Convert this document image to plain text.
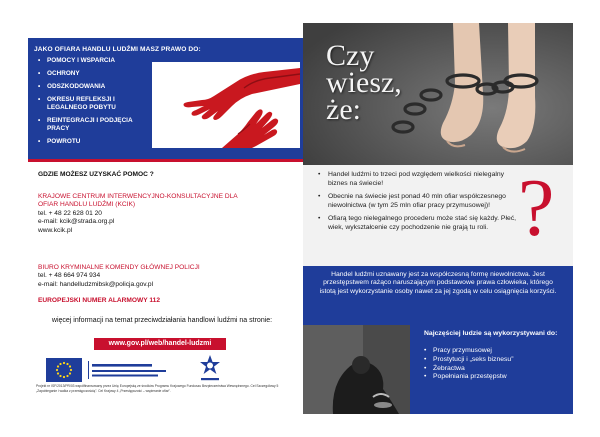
JAKO OFIARA HANDLU LUDŹMI MASZ PRAWO DO:
• POMOCY I WSPARCIA
• OCHRONY
• ODSZKODOWANIA
• OKRESU REFLEKSJI I LEGALNEGO POBYTU
• REINTEGRACJI I PODJĘCIA PRACY
• POWROTU
GDZIE MOŻESZ UZYSKAĆ POMOC ?
KRAJOWE CENTRUM INTERWENCYJNO-KONSULTACYJNE DLA OFIAR HANDLU LUDŹMI (KCIK)
tel. + 48 22 628 01 20
e-mail: kcik@strada.org.pl
www.kcik.pl
BIURO KRYMINALNE KOMENDY GŁÓWNEJ POLICJI
tel. + 48 664 974 934
e-mail: handelludzmibsk@policja.gov.pl
EUROPEJSKI NUMER ALARMOWY 112
więcej informacji na temat przeciwdziałania handlowi ludźmi na stronie:
www.gov.pl/web/handel-ludzmi
Projekt nr ISF/2013/PR/03 współfinansowany przez Unię Europejską ze środków Programu Krajowego Funduszu Bezpieczeństwa Wewnętrznego. Cel Szczegółowy 5 „Zapobieganie i walka z przestępczością”. Cel Krajowy 4 „Przestępczość – wspieranie ofiar”.
Czy
wiesz,
że:
• Handel ludźmi to trzeci pod względem wielkości nielegalny biznes na świecie!
• Obecnie na świecie jest ponad 40 mln ofiar współczesnego niewolnictwa (w tym 25 mln ofiar pracy przymusowej)!
• Ofiarą tego nielegalnego procederu może stać się każdy. Płeć, wiek, wykształcenie czy pochodzenie nie grają tu roli. ?
Handel ludźmi uznawany jest za współczesną formę niewolnictwa. Jest przestępstwem rażąco naruszającym podstawowe prawa człowieka, którego istotą jest wykorzystanie osoby nawet za jej zgodą w celu osiągnięcia korzyści.
Najczęściej ludzie są wykorzystywani do:
• Pracy przymusowej
• Prostytucji i „seks biznesu”
• Żebractwa
• Popełniania przestępstw
